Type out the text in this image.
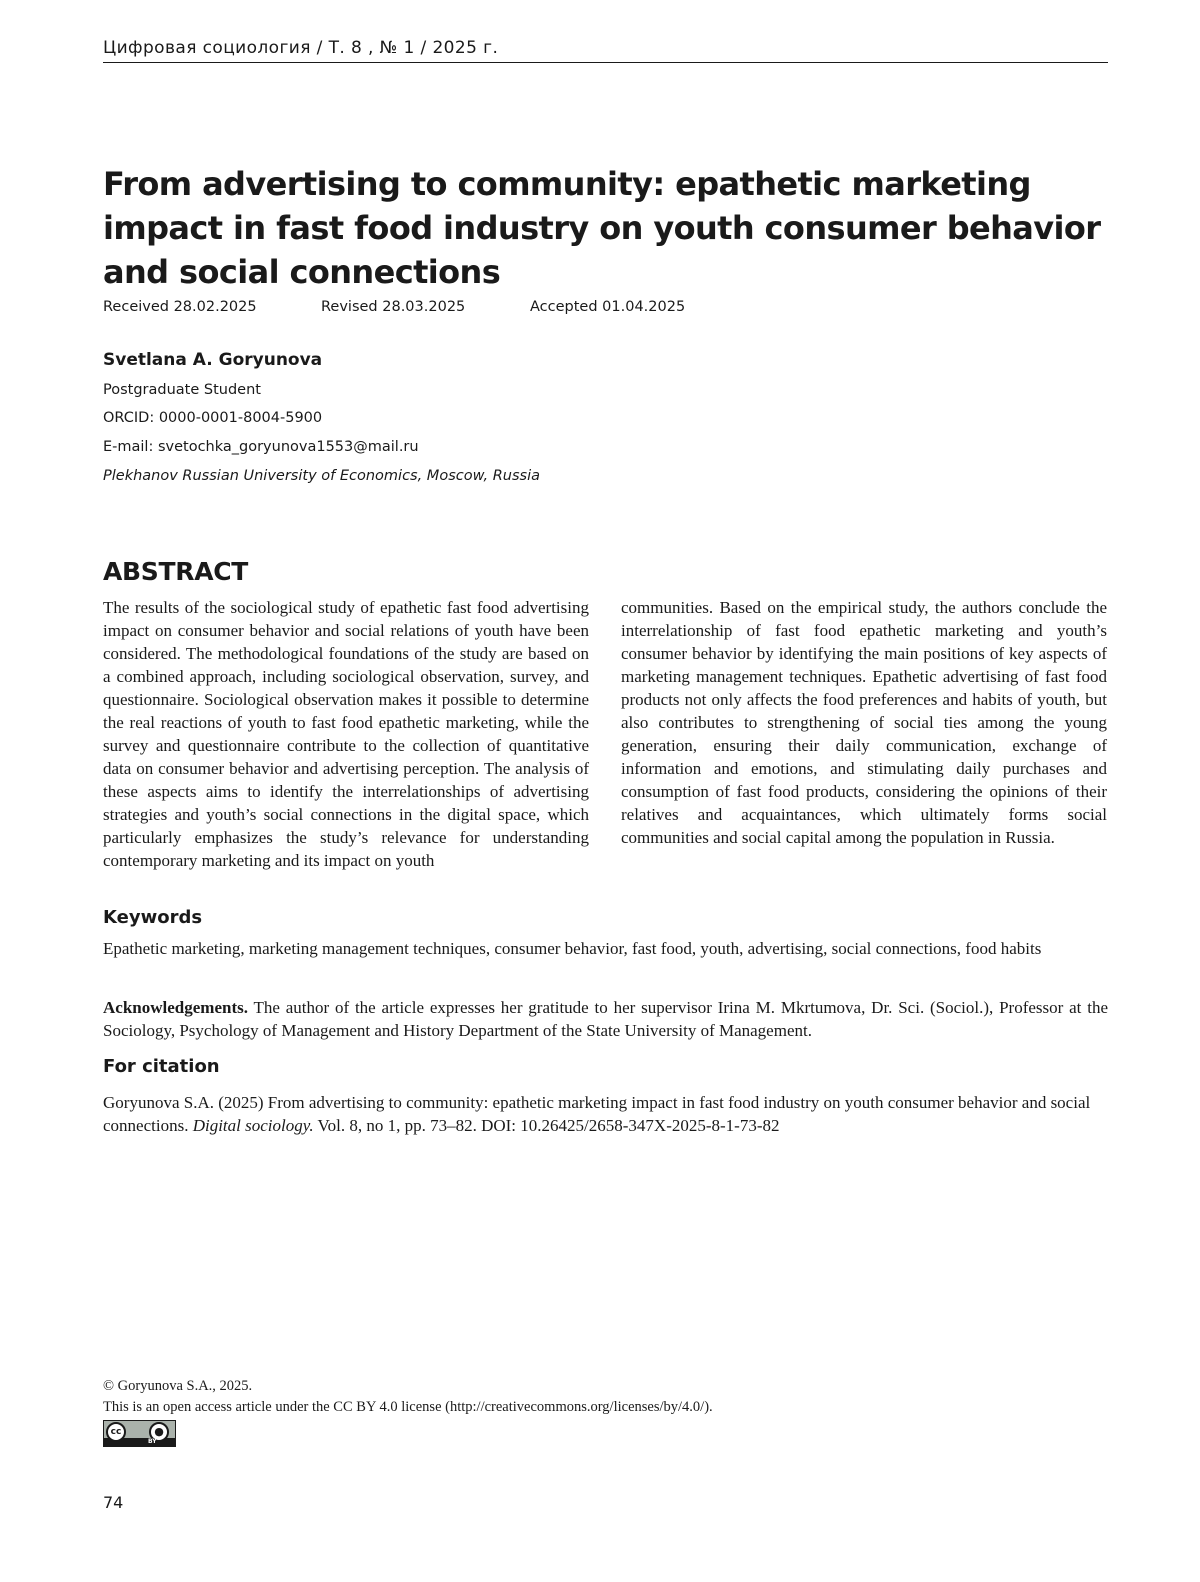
Цифровая социология / Т. 8 , № 1 / 2025 г.
From advertising to community: epathetic marketing impact in fast food industry on youth consumer behavior and social connections
Received 28.02.2025	Revised 28.03.2025	Accepted 01.04.2025
Svetlana A. Goryunova
Postgraduate Student
ORCID: 0000-0001-8004-5900
E-mail: svetochka_goryunova1553@mail.ru
Plekhanov Russian University of Economics, Moscow, Russia
ABSTRACT
The results of the sociological study of epathetic fast food advertising impact on consumer behavior and social relations of youth have been considered. The methodological foundations of the study are based on a combined approach, including sociological observation, survey, and questionnaire. Sociological observation makes it possible to determine the real reactions of youth to fast food epathetic marketing, while the survey and questionnaire contribute to the collection of quantitative data on consumer behavior and advertising perception. The analysis of these aspects aims to identify the interrelationships of advertising strategies and youth’s social connections in the digital space, which particularly emphasizes the study’s relevance for understanding contemporary marketing and its impact on youth
communities. Based on the empirical study, the authors conclude the interrelationship of fast food epathetic marketing and youth’s consumer behavior by identifying the main positions of key aspects of marketing management techniques. Epathetic advertising of fast food products not only affects the food preferences and habits of youth, but also contributes to strengthening of social ties among the young generation, ensuring their daily communication, exchange of information and emotions, and stimulating daily purchases and consumption of fast food products, considering the opinions of their relatives and acquaintances, which ultimately forms social communities and social capital among the population in Russia.
Keywords
Epathetic marketing, marketing management techniques, consumer behavior, fast food, youth, advertising, social connections, food habits
Acknowledgements. The author of the article expresses her gratitude to her supervisor Irina M. Mkrtumova, Dr. Sci. (Sociol.), Professor at the Sociology, Psychology of Management and History Department of the State University of Management.
For citation
Goryunova S.A. (2025) From advertising to community: epathetic marketing impact in fast food industry on youth consumer behavior and social connections. Digital sociology. Vol. 8, no 1, pp. 73–82. DOI: 10.26425/2658-347X-2025-8-1-73-82
© Goryunova S.A., 2025.
This is an open access article under the CC BY 4.0 license (http://creativecommons.org/licenses/by/4.0/).
cc	●
BY
74
